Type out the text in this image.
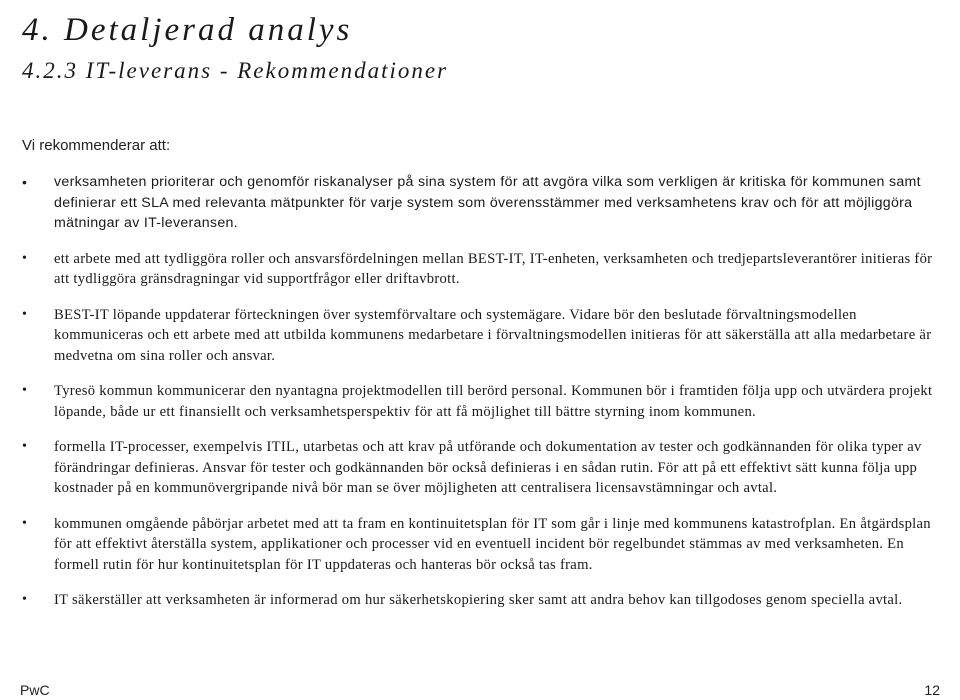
4. Detaljerad analys
4.2.3 IT-leverans - Rekommendationer
Vi rekommenderar att:
• verksamheten prioriterar och genomför riskanalyser på sina system för att avgöra vilka som verkligen är kritiska för kommunen samt definierar ett SLA med relevanta mätpunkter för varje system som överensstämmer med verksamhetens krav och för att möjliggöra mätningar av IT-leveransen.
• ett arbete med att tydliggöra roller och ansvarsfördelningen mellan BEST-IT, IT-enheten, verksamheten och tredjepartsleverantörer initieras för att tydliggöra gränsdragningar vid supportfrågor eller driftavbrott.
• BEST-IT löpande uppdaterar förteckningen över systemförvaltare och systemägare. Vidare bör den beslutade förvaltningsmodellen kommuniceras och ett arbete med att utbilda kommunens medarbetare i förvaltningsmodellen initieras för att säkerställa att alla medarbetare är medvetna om sina roller och ansvar.
• Tyresö kommun kommunicerar den nyantagna projektmodellen till berörd personal. Kommunen bör i framtiden följa upp och utvärdera projekt löpande, både ur ett finansiellt och verksamhetsperspektiv för att få möjlighet till bättre styrning inom kommunen.
• formella IT-processer, exempelvis ITIL, utarbetas och att krav på utförande och dokumentation av tester och godkännanden för olika typer av förändringar definieras. Ansvar för tester och godkännanden bör också definieras i en sådan rutin. För att på ett effektivt sätt kunna följa upp kostnader på en kommunövergripande nivå bör man se över möjligheten att centralisera licensavstämningar och avtal.
• kommunen omgående påbörjar arbetet med att ta fram en kontinuitetsplan för IT som går i linje med kommunens katastrofplan. En åtgärdsplan för att effektivt återställa system, applikationer och processer vid en eventuell incident bör regelbundet stämmas av med verksamheten. En formell rutin för hur kontinuitetsplan för IT uppdateras och hanteras bör också tas fram.
• IT säkerställer att verksamheten är informerad om hur säkerhetskopiering sker samt att andra behov kan tillgodoses genom speciella avtal.
PwC	12
